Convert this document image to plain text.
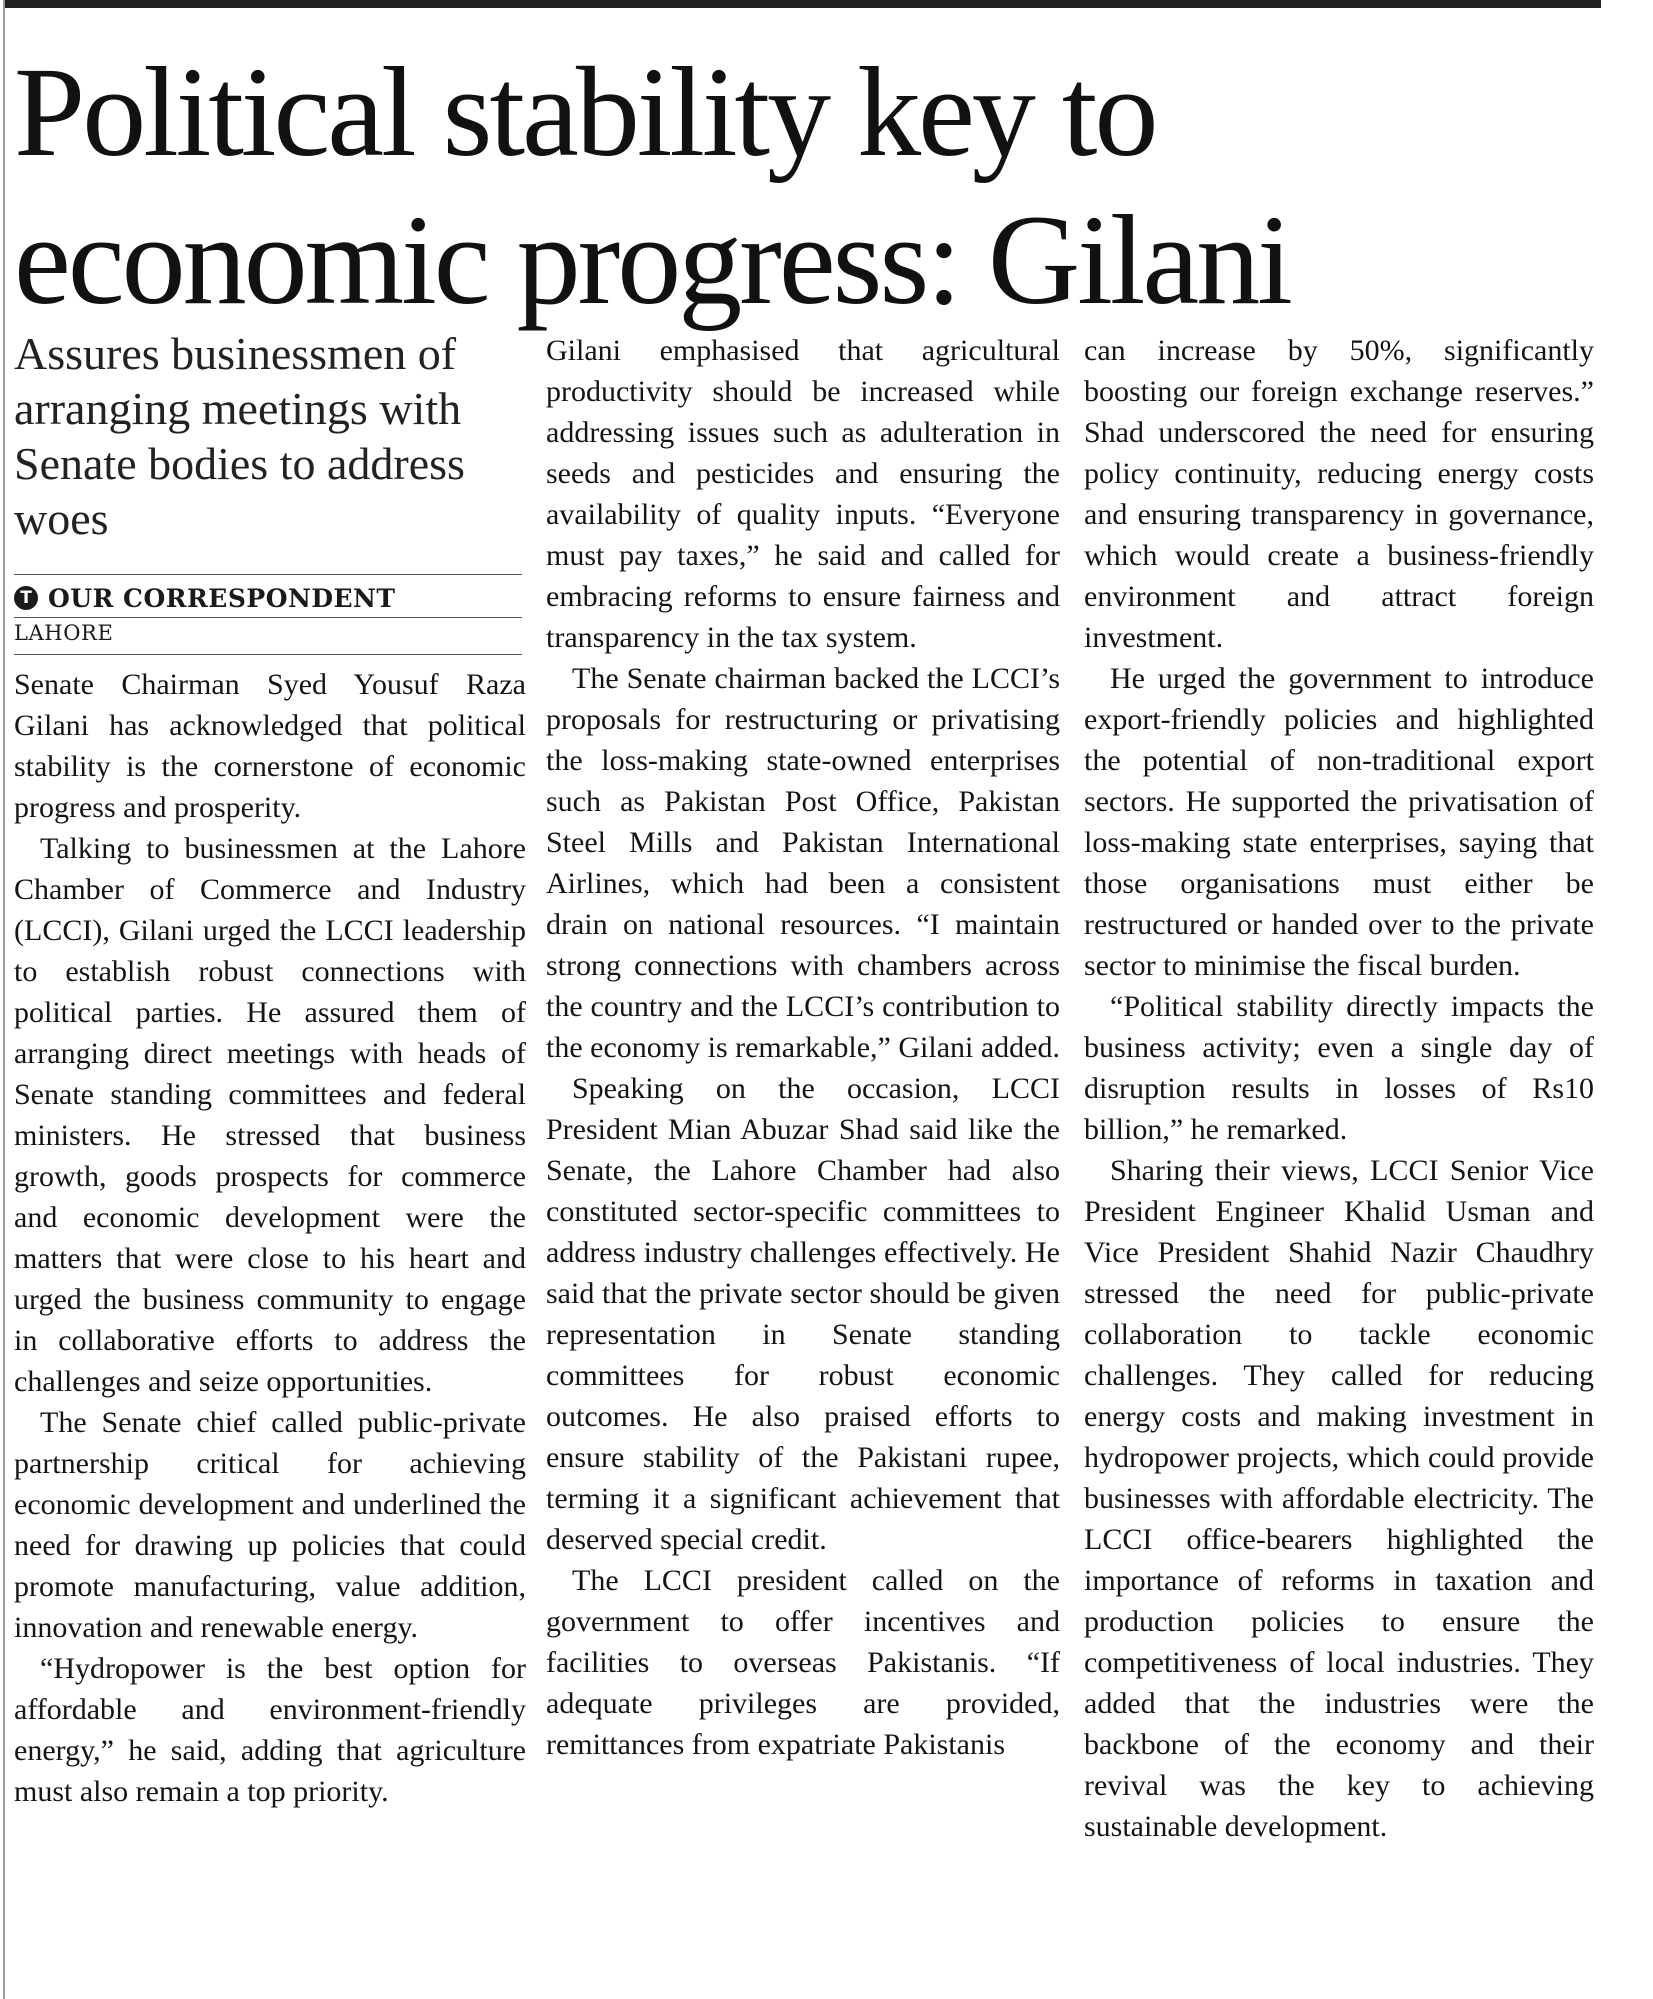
Political stability key to economic progress: Gilani
Assures businessmen of arranging meetings with Senate bodies to address woes
T OUR CORRESPONDENT
LAHORE

Senate Chairman Syed Yousuf Raza Gilani has acknowledged that political stability is the cornerstone of economic progress and prosperity.

Talking to businessmen at the Lahore Chamber of Commerce and Industry (LCCI), Gilani urged the LCCI leadership to establish robust connections with political parties. He assured them of arranging direct meetings with heads of Senate standing committees and federal ministers. He stressed that business growth, goods prospects for commerce and economic development were the matters that were close to his heart and urged the business community to engage in collaborative efforts to address the challenges and seize opportunities.

The Senate chief called public-private partnership critical for achieving economic development and underlined the need for drawing up policies that could promote manufacturing, value addition, innovation and renewable energy.

“Hydropower is the best option for affordable and environment-friendly energy,” he said, adding that agriculture must also remain a top priority.

Gilani emphasised that agricultural productivity should be increased while addressing issues such as adulteration in seeds and pesticides and ensuring the availability of quality inputs. “Everyone must pay taxes,” he said and called for embracing reforms to ensure fairness and transparency in the tax system.

The Senate chairman backed the LCCI’s proposals for restructuring or privatising the loss-making state-owned enterprises such as Pakistan Post Office, Pakistan Steel Mills and Pakistan International Airlines, which had been a consistent drain on national resources. “I maintain strong connections with chambers across the country and the LCCI’s contribution to the economy is remarkable,” Gilani added.

Speaking on the occasion, LCCI President Mian Abuzar Shad said like the Senate, the Lahore Chamber had also constituted sector-specific committees to address industry challenges effectively. He said that the private sector should be given representation in Senate standing committees for robust economic outcomes. He also praised efforts to ensure stability of the Pakistani rupee, terming it a significant achievement that deserved special credit.

The LCCI president called on the government to offer incentives and facilities to overseas Pakistanis. “If adequate privileges are provided, remittances from expatriate Pakistanis

can increase by 50%, significantly boosting our foreign exchange reserves.” Shad underscored the need for ensuring policy continuity, reducing energy costs and ensuring transparency in governance, which would create a business-friendly environment and attract foreign investment.

He urged the government to introduce export-friendly policies and highlighted the potential of non-traditional export sectors. He supported the privatisation of loss-making state enterprises, saying that those organisations must either be restructured or handed over to the private sector to minimise the fiscal burden.

“Political stability directly impacts the business activity; even a single day of disruption results in losses of Rs10 billion,” he remarked.

Sharing their views, LCCI Senior Vice President Engineer Khalid Usman and Vice President Shahid Nazir Chaudhry stressed the need for public-private collaboration to tackle economic challenges. They called for reducing energy costs and making investment in hydropower projects, which could provide businesses with affordable electricity. The LCCI office-bearers highlighted the importance of reforms in taxation and production policies to ensure the competitiveness of local industries. They added that the industries were the backbone of the economy and their revival was the key to achieving sustainable development.
